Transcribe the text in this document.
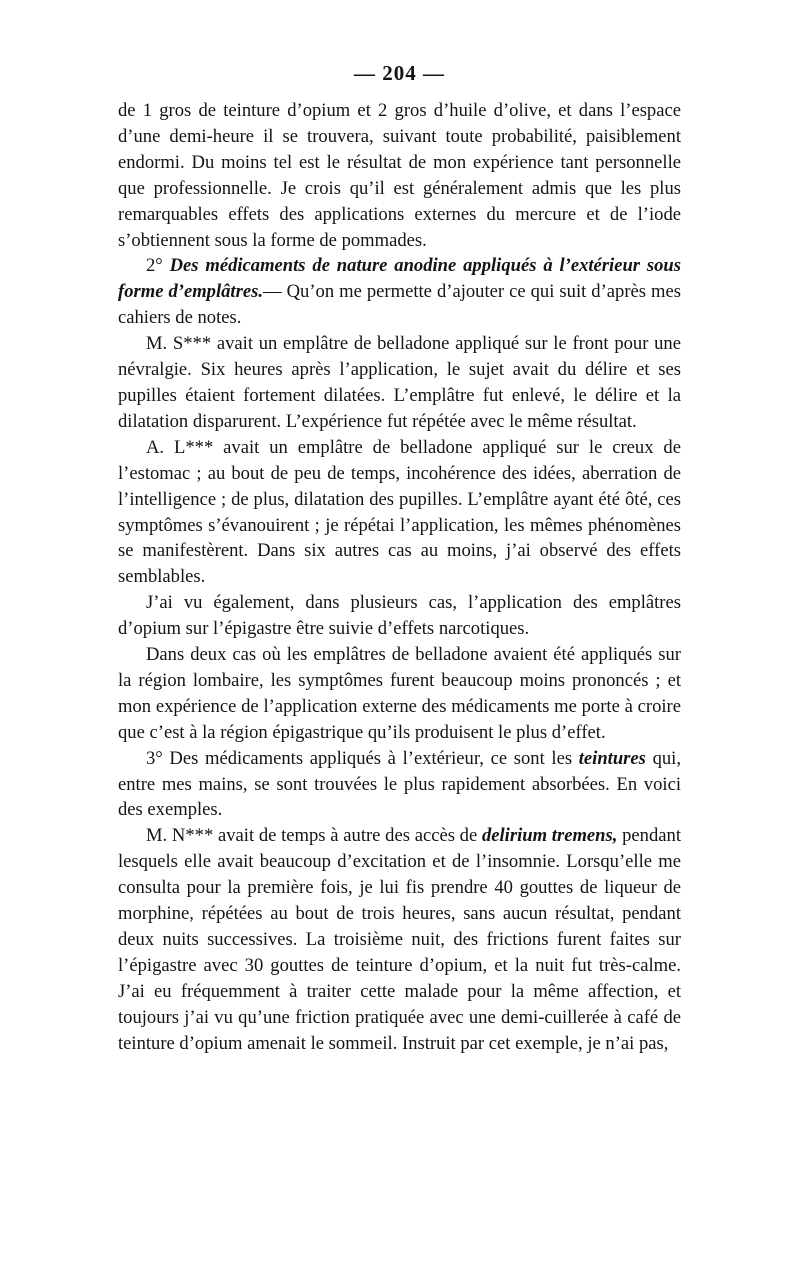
— 204 —

de 1 gros de teinture d’opium et 2 gros d’huile d’olive, et dans l’espace d’une demi-heure il se trouvera, suivant toute probabilité, paisiblement endormi. Du moins tel est le résultat de mon expérience tant personnelle que professionnelle. Je crois qu’il est généralement admis que les plus remarquables effets des applications externes du mercure et de l’iode s’obtiennent sous la forme de pommades.

2° Des médicaments de nature anodine appliqués à l’extérieur sous forme d’emplâtres.— Qu’on me permette d’ajouter ce qui suit d’après mes cahiers de notes.

M. S*** avait un emplâtre de belladone appliqué sur le front pour une névralgie. Six heures après l’application, le sujet avait du délire et ses pupilles étaient fortement dilatées. L’emplâtre fut enlevé, le délire et la dilatation disparurent. L’expérience fut répétée avec le même résultat.

A. L*** avait un emplâtre de belladone appliqué sur le creux de l’estomac ; au bout de peu de temps, incohérence des idées, aberration de l’intelligence ; de plus, dilatation des pupilles. L’emplâtre ayant été ôté, ces symptômes s’évanouirent ; je répétai l’application, les mêmes phénomènes se manifestèrent. Dans six autres cas au moins, j’ai observé des effets semblables.

J’ai vu également, dans plusieurs cas, l’application des emplâtres d’opium sur l’épigastre être suivie d’effets narcotiques.

Dans deux cas où les emplâtres de belladone avaient été appliqués sur la région lombaire, les symptômes furent beaucoup moins prononcés ; et mon expérience de l’application externe des médicaments me porte à croire que c’est à la région épigastrique qu’ils produisent le plus d’effet.

3° Des médicaments appliqués à l’extérieur, ce sont les teintures qui, entre mes mains, se sont trouvées le plus rapidement absorbées. En voici des exemples.

M. N*** avait de temps à autre des accès de delirium tremens, pendant lesquels elle avait beaucoup d’excitation et de l’insomnie. Lorsqu’elle me consulta pour la première fois, je lui fis prendre 40 gouttes de liqueur de morphine, répétées au bout de trois heures, sans aucun résultat, pendant deux nuits successives. La troisième nuit, des frictions furent faites sur l’épigastre avec 30 gouttes de teinture d’opium, et la nuit fut très-calme. J’ai eu fréquemment à traiter cette malade pour la même affection, et toujours j’ai vu qu’une friction pratiquée avec une demi-cuillerée à café de teinture d’opium amenait le sommeil. Instruit par cet exemple, je n’ai pas,
